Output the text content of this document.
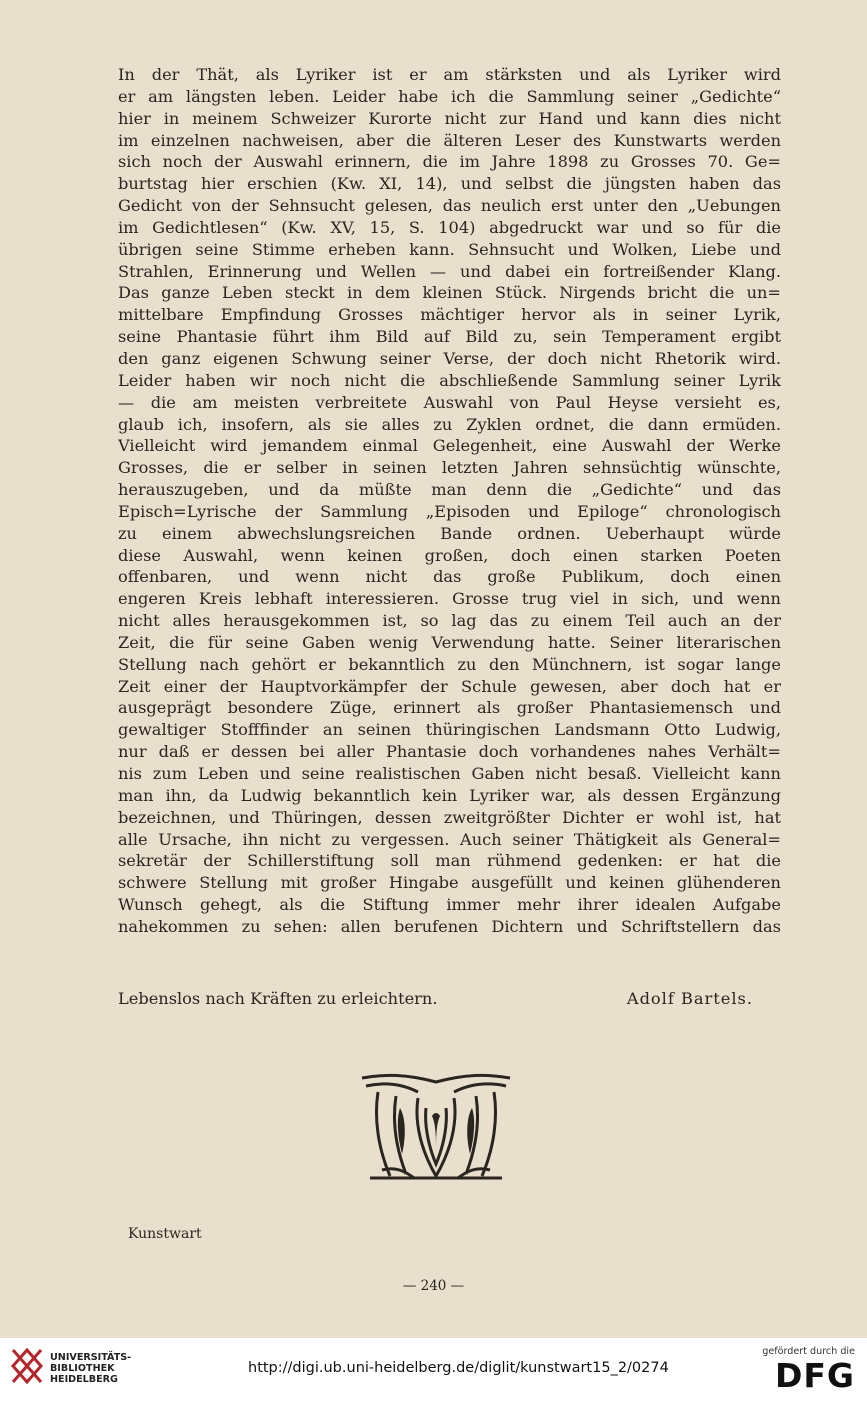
In der Thät, als Lyriker ist er am stärksten und als Lyriker wird
er am längsten leben. Leider habe ich die Sammlung seiner „Gedichte“
hier in meinem Schweizer Kurorte nicht zur Hand und kann dies nicht
im einzelnen nachweisen, aber die älteren Leser des Kunstwarts werden
sich noch der Auswahl erinnern, die im Jahre 1898 zu Grosses 70. Ge=
burtstag hier erschien (Kw. XI, 14), und selbst die jüngsten haben das
Gedicht von der Sehnsucht gelesen, das neulich erst unter den „Uebungen
im Gedichtlesen“ (Kw. XV, 15, S. 104) abgedruckt war und so für die
übrigen seine Stimme erheben kann. Sehnsucht und Wolken, Liebe und
Strahlen, Erinnerung und Wellen — und dabei ein fortreißender Klang.
Das ganze Leben steckt in dem kleinen Stück. Nirgends bricht die un=
mittelbare Empfindung Grosses mächtiger hervor als in seiner Lyrik,
seine Phantasie führt ihm Bild auf Bild zu, sein Temperament ergibt
den ganz eigenen Schwung seiner Verse, der doch nicht Rhetorik wird.
Leider haben wir noch nicht die abschließende Sammlung seiner Lyrik
— die am meisten verbreitete Auswahl von Paul Heyse versieht es,
glaub ich, insofern, als sie alles zu Zyklen ordnet, die dann ermüden.
Vielleicht wird jemandem einmal Gelegenheit, eine Auswahl der Werke
Grosses, die er selber in seinen letzten Jahren sehnsüchtig wünschte,
herauszugeben, und da müßte man denn die „Gedichte“ und das
Episch=Lyrische der Sammlung „Episoden und Epiloge“ chronologisch
zu einem abwechslungsreichen Bande ordnen. Ueberhaupt würde
diese Auswahl, wenn keinen großen, doch einen starken Poeten
offenbaren, und wenn nicht das große Publikum, doch einen
engeren Kreis lebhaft interessieren. Grosse trug viel in sich, und wenn
nicht alles herausgekommen ist, so lag das zu einem Teil auch an der
Zeit, die für seine Gaben wenig Verwendung hatte. Seiner literarischen
Stellung nach gehört er bekanntlich zu den Münchnern, ist sogar lange
Zeit einer der Hauptvorkämpfer der Schule gewesen, aber doch hat er
ausgeprägt besondere Züge, erinnert als großer Phantasiemensch und
gewaltiger Stofffinder an seinen thüringischen Landsmann Otto Ludwig,
nur daß er dessen bei aller Phantasie doch vorhandenes nahes Verhält=
nis zum Leben und seine realistischen Gaben nicht besaß. Vielleicht kann
man ihn, da Ludwig bekanntlich kein Lyriker war, als dessen Ergänzung
bezeichnen, und Thüringen, dessen zweitgrößter Dichter er wohl ist, hat
alle Ursache, ihn nicht zu vergessen. Auch seiner Thätigkeit als General=
sekretär der Schillerstiftung soll man rühmend gedenken: er hat die
schwere Stellung mit großer Hingabe ausgefüllt und keinen glühenderen
Wunsch gehegt, als die Stiftung immer mehr ihrer idealen Aufgabe
nahekommen zu sehen: allen berufenen Dichtern und Schriftstellern das
Lebenslos nach Kräften zu erleichtern.	Adolf Bartels.
Kunstwart
— 240 —
UNIVERSITÄTS-
BIBLIOTHEK
HEIDELBERG
http://digi.ub.uni-heidelberg.de/diglit/kunstwart15_2/0274
gefördert durch die
DFG
